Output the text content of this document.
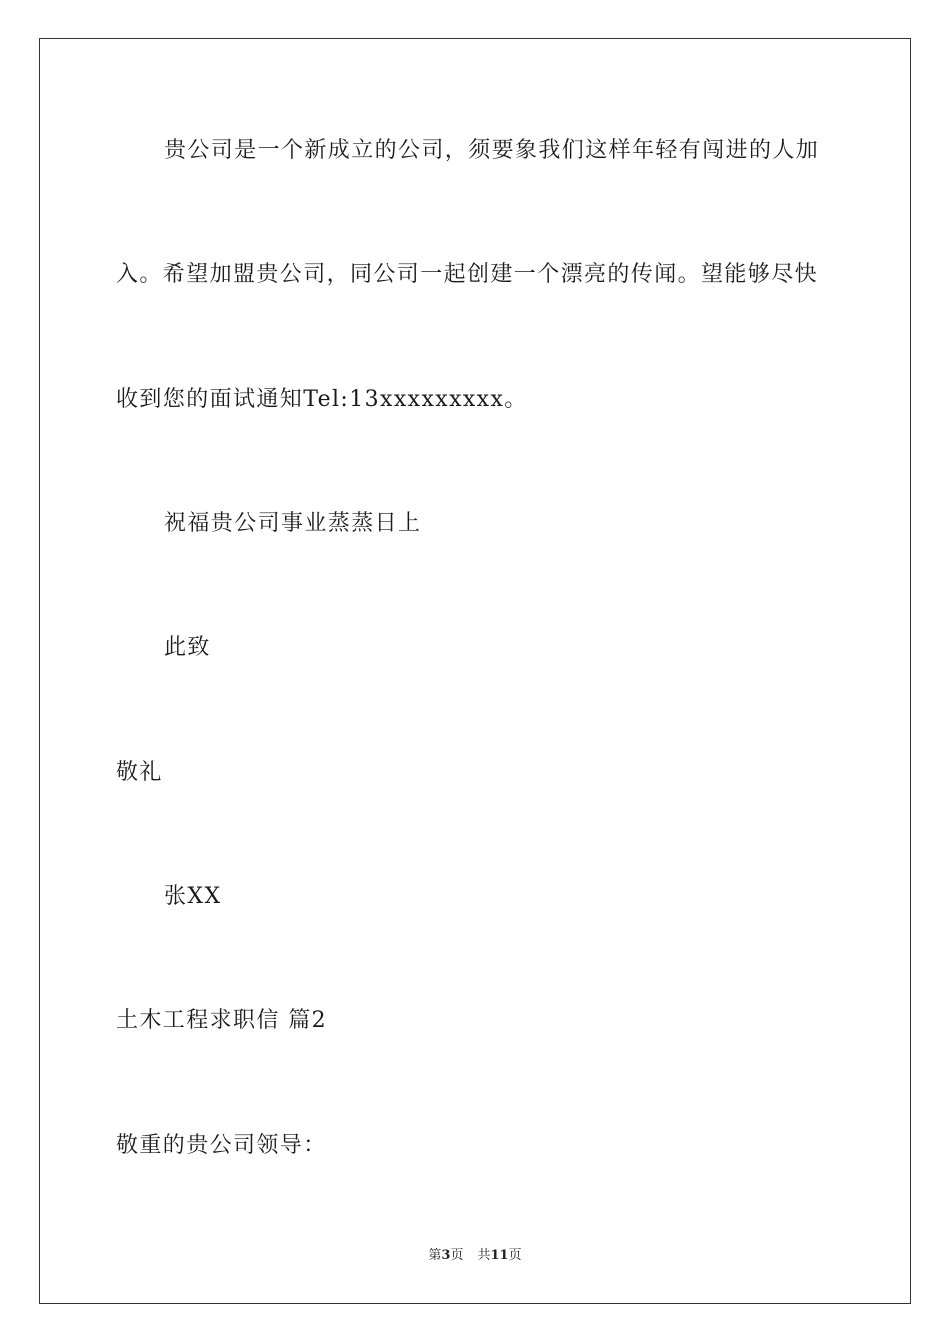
贵公司是一个新成立的公司，须要象我们这样年轻有闯进的人加
入。希望加盟贵公司，同公司一起创建一个漂亮的传闻。望能够尽快
收到您的面试通知Tel:13xxxxxxxxx。
祝福贵公司事业蒸蒸日上
此致
敬礼
张XX
土木工程求职信 篇2
敬重的贵公司领导：
第3页 共11页
